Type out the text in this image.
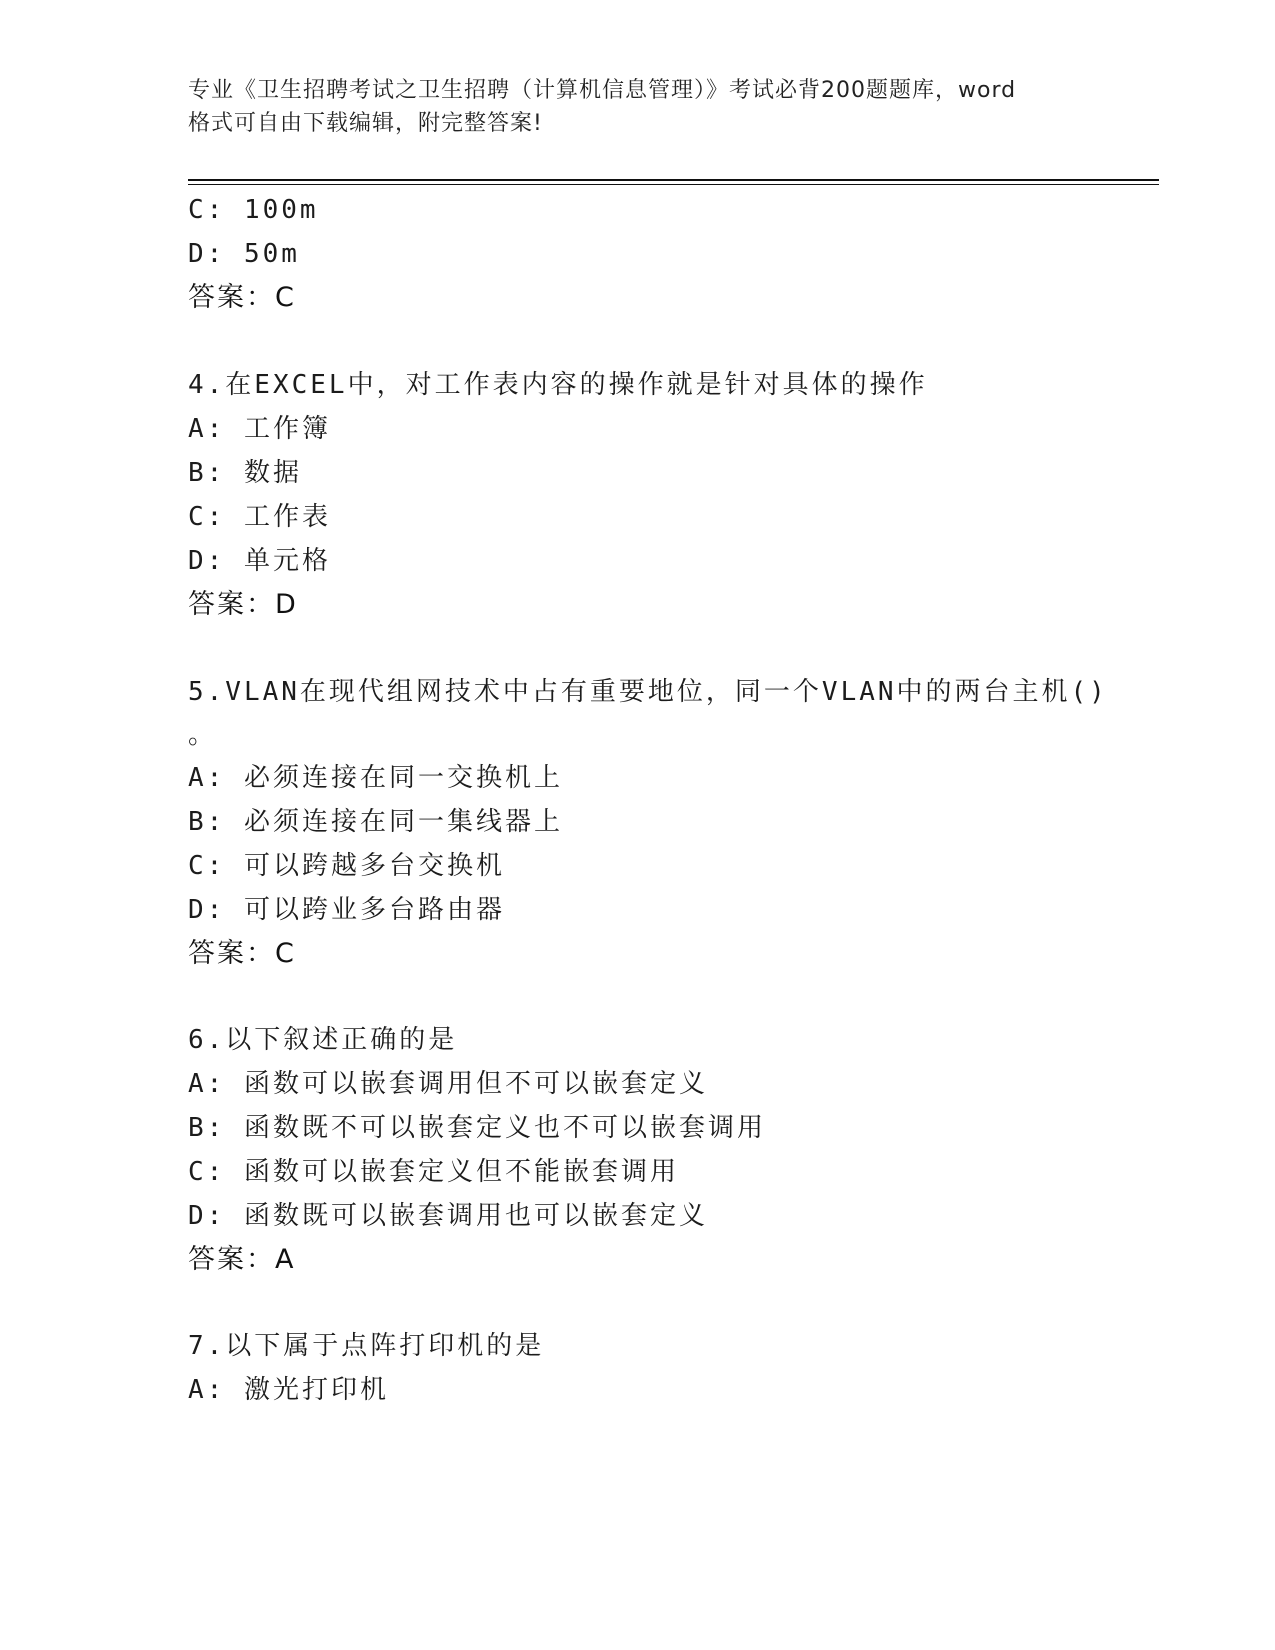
专业《卫生招聘考试之卫生招聘（计算机信息管理）》考试必背200题题库，word
格式可自由下载编辑，附完整答案!
C: 100m
D: 50m
答案：C
4.在EXCEL中，对工作表内容的操作就是针对具体的操作
A: 工作簿
B: 数据
C: 工作表
D: 单元格
答案：D
5.VLAN在现代组网技术中占有重要地位，同一个VLAN中的两台主机()
。
A: 必须连接在同一交换机上
B: 必须连接在同一集线器上
C: 可以跨越多台交换机
D: 可以跨业多台路由器
答案：C
6.以下叙述正确的是
A: 函数可以嵌套调用但不可以嵌套定义
B: 函数既不可以嵌套定义也不可以嵌套调用
C: 函数可以嵌套定义但不能嵌套调用
D: 函数既可以嵌套调用也可以嵌套定义
答案：A
7.以下属于点阵打印机的是
A: 激光打印机
